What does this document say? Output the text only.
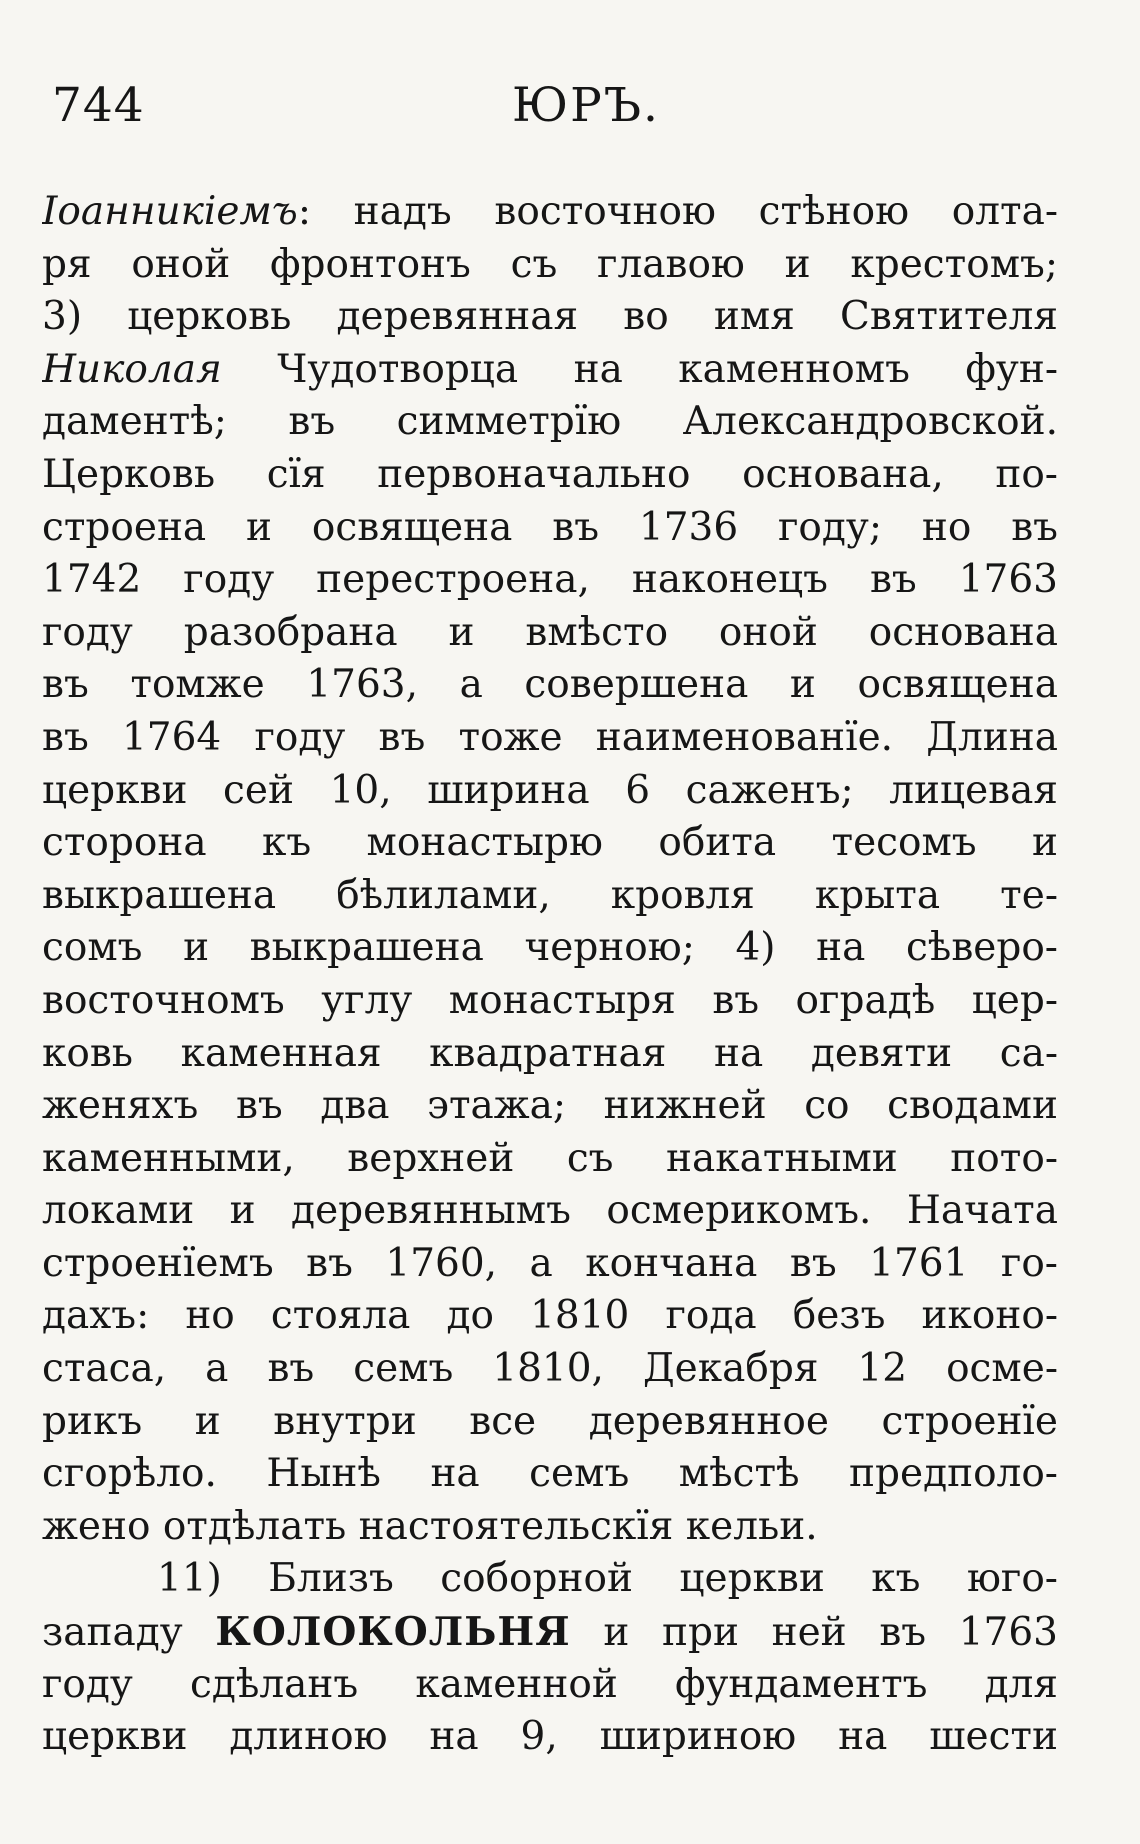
744	ЮРЪ.
Іоанникіемъ: надъ восточною стѣною олта-
ря оной фронтонъ съ главою и крестомъ;
3) церковь деревянная во имя Святителя
Николая Чудотворца на каменномъ фун-
даментѣ; въ симметрїю Александровской.
Церковь сїя первоначально основана, по-
строена и освящена въ 1736 году; но въ
1742 году перестроена, наконецъ въ 1763
году разобрана и вмѣсто оной основана
въ томже 1763, а совершена и освящена
въ 1764 году въ тоже наименованїе. Длина
церкви сей 10, ширина 6 саженъ; лицевая
сторона къ монастырю обита тесомъ и
выкрашена бѣлилами, кровля крыта те-
сомъ и выкрашена черною; 4) на сѣверо-
восточномъ углу монастыря въ оградѣ цер-
ковь каменная квадратная на девяти са-
женяхъ въ два этажа; нижней со сводами
каменными, верхней съ накатными пото-
локами и деревяннымъ осмерикомъ. Начата
строенїемъ въ 1760, а кончана въ 1761 го-
дахъ: но стояла до 1810 года безъ иконо-
стаса, а въ семъ 1810, Декабря 12 осме-
рикъ и внутри все деревянное строенїе
сгорѣло. Нынѣ на семъ мѣстѣ предполо-
жено отдѣлать настоятельскїя кельи.
11) Близъ соборной церкви къ юго-
западу КОЛОКОЛЬНЯ и при ней въ 1763
году сдѣланъ каменной фундаментъ для
церкви длиною на 9, шириною на шести
